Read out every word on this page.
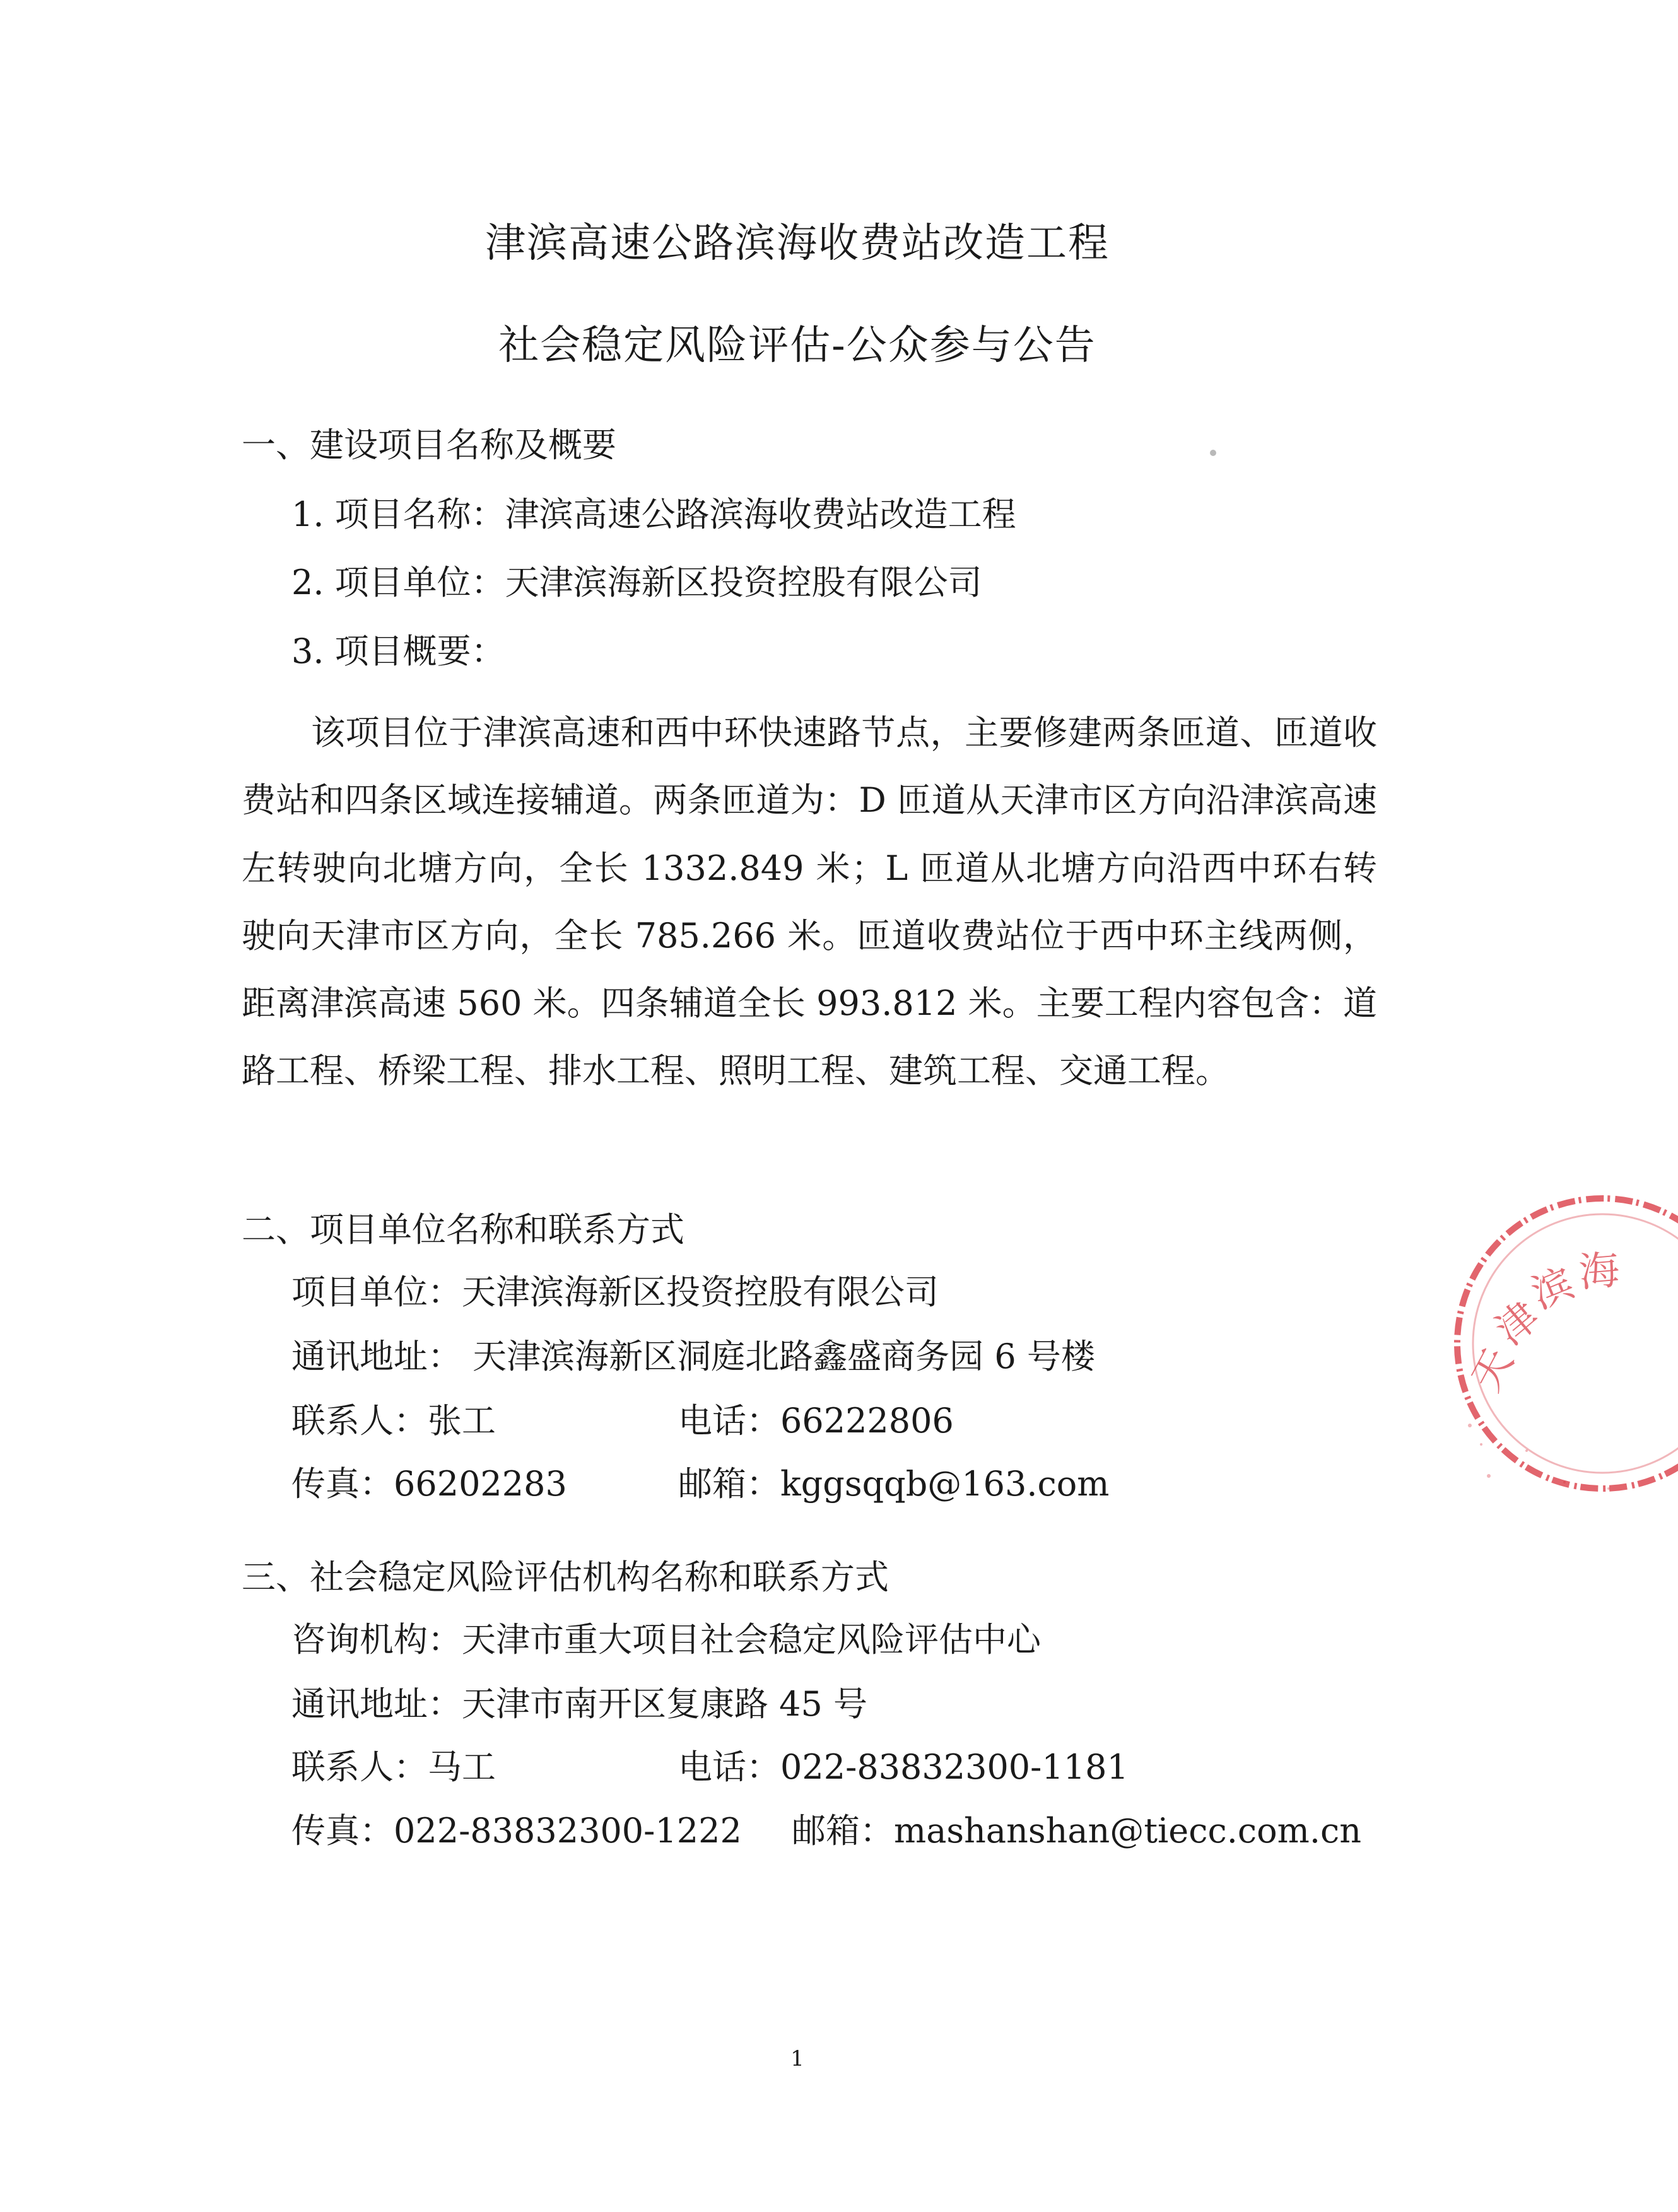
津滨高速公路滨海收费站改造工程
社会稳定风险评估-公众参与公告

一、建设项目名称及概要

1. 项目名称：津滨高速公路滨海收费站改造工程

2. 项目单位：天津滨海新区投资控股有限公司

3. 项目概要：

该项目位于津滨高速和西中环快速路节点，主要修建两条匝道、匝道收费站和四条区域连接辅道。两条匝道为：D 匝道从天津市区方向沿津滨高速左转驶向北塘方向，全长 1332.849 米；L 匝道从北塘方向沿西中环右转驶向天津市区方向，全长 785.266 米。匝道收费站位于西中环主线两侧，距离津滨高速 560 米。四条辅道全长 993.812 米。主要工程内容包含：道路工程、桥梁工程、排水工程、照明工程、建筑工程、交通工程。

二、项目单位名称和联系方式

项目单位：天津滨海新区投资控股有限公司
通讯地址： 天津滨海新区洞庭北路鑫盛商务园 6 号楼
联系人：张工	电话：66222806
传真：66202283	邮箱：kggsqqb@163.com

三、社会稳定风险评估机构名称和联系方式

咨询机构：天津市重大项目社会稳定风险评估中心
通讯地址：天津市南开区复康路 45 号
联系人：马工	电话：022-83832300-1181
传真：022-83832300-1222 邮箱：mashanshan@tiecc.com.cn
1
天
津
滨
海
